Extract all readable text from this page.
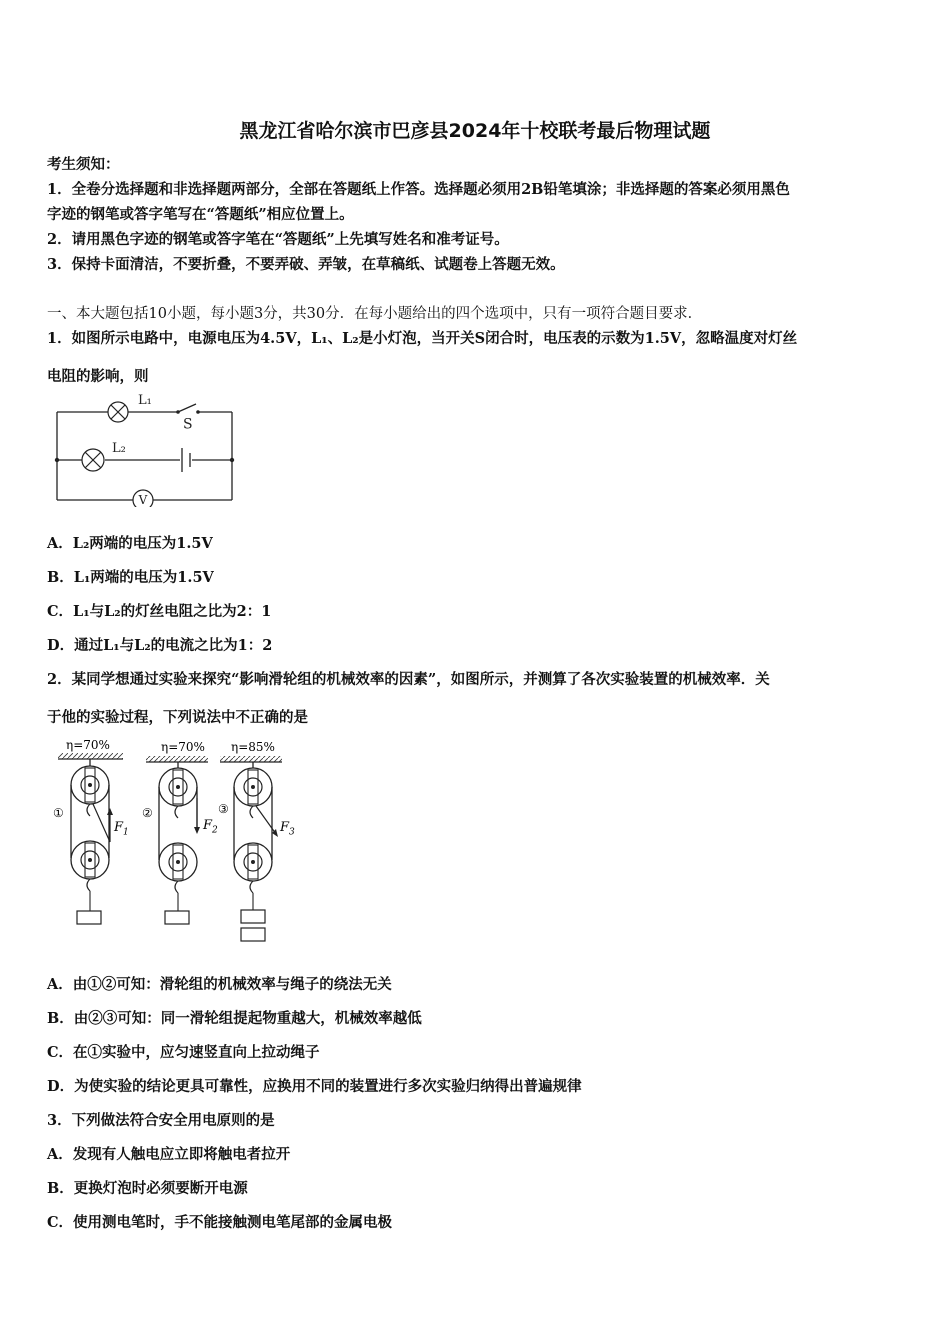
黑龙江省哈尔滨市巴彦县2024年十校联考最后物理试题
考生须知：
1．全卷分选择题和非选择题两部分，全部在答题纸上作答。选择题必须用2B铅笔填涂；非选择题的答案必须用黑色
字迹的钢笔或答字笔写在“答题纸”相应位置上。
2．请用黑色字迹的钢笔或答字笔在“答题纸”上先填写姓名和准考证号。
3．保持卡面清洁，不要折叠，不要弄破、弄皱，在草稿纸、试题卷上答题无效。
一、本大题包括10小题，每小题3分，共30分．在每小题给出的四个选项中，只有一项符合题目要求．
1．如图所示电路中，电源电压为4.5V，L₁、L₂是小灯泡，当开关S闭合时，电压表的示数为1.5V，忽略温度对灯丝
电阻的影响，则
L₁
L₂
S
V
A．L₂两端的电压为1.5V
B．L₁两端的电压为1.5V
C．L₁与L₂的灯丝电阻之比为2：1
D．通过L₁与L₂的电流之比为1：2
2．某同学想通过实验来探究“影响滑轮组的机械效率的因素”，如图所示，并测算了各次实验装置的机械效率．关
于他的实验过程，下列说法中不正确的是
η=70%
①
F 1
η=70%
②
F 2
η=85%
③
F 3
A．由①②可知：滑轮组的机械效率与绳子的绕法无关
B．由②③可知：同一滑轮组提起物重越大，机械效率越低
C．在①实验中，应匀速竖直向上拉动绳子
D．为使实验的结论更具可靠性，应换用不同的装置进行多次实验归纳得出普遍规律
3．下列做法符合安全用电原则的是
A．发现有人触电应立即将触电者拉开
B．更换灯泡时必须要断开电源
C．使用测电笔时，手不能接触测电笔尾部的金属电极
